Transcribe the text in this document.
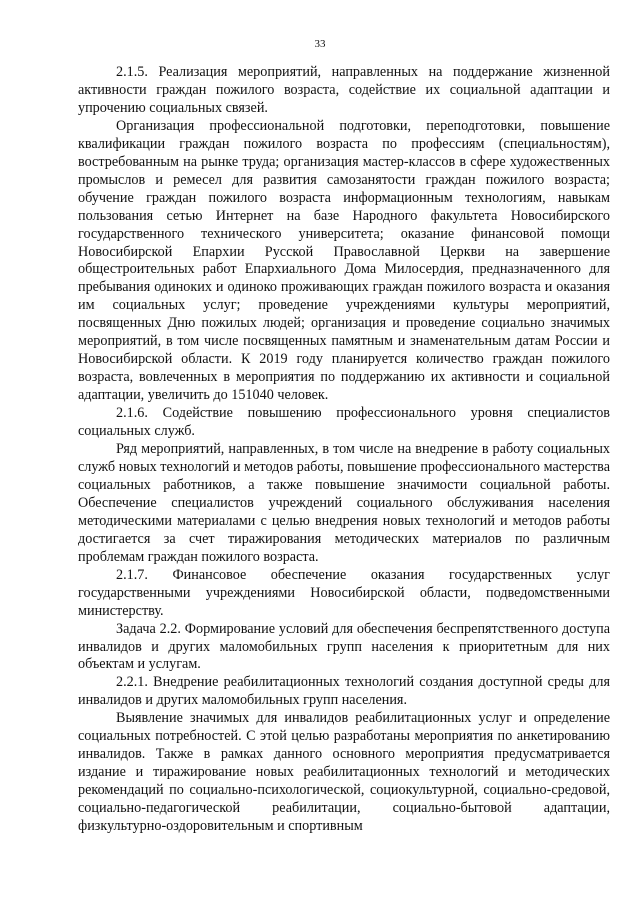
33

2.1.5. Реализация мероприятий, направленных на поддержание жизненной активности граждан пожилого возраста, содействие их социальной адаптации и упрочению социальных связей.

Организация профессиональной подготовки, переподготовки, повышение квалификации граждан пожилого возраста по профессиям (специальностям), востребованным на рынке труда; организация мастер-классов в сфере художественных промыслов и ремесел для развития самозанятости граждан пожилого возраста; обучение граждан пожилого возраста информационным технологиям, навыкам пользования сетью Интернет на базе Народного факультета Новосибирского государственного технического университета; оказание финансовой помощи Новосибирской Епархии Русской Православной Церкви на завершение общестроительных работ Епархиального Дома Милосердия, предназначенного для пребывания одиноких и одиноко проживающих граждан пожилого возраста и оказания им социальных услуг; проведение учреждениями культуры мероприятий, посвященных Дню пожилых людей; организация и проведение социально значимых мероприятий, в том числе посвященных памятным и знаменательным датам России и Новосибирской области. К 2019 году планируется количество граждан пожилого возраста, вовлеченных в мероприятия по поддержанию их активности и социальной адаптации, увеличить до 151040 человек.

2.1.6. Содействие повышению профессионального уровня специалистов социальных служб.

Ряд мероприятий, направленных, в том числе на внедрение в работу социальных служб новых технологий и методов работы, повышение профессионального мастерства социальных работников, а также повышение значимости социальной работы. Обеспечение специалистов учреждений социального обслуживания населения методическими материалами с целью внедрения новых технологий и методов работы достигается за счет тиражирования методических материалов по различным проблемам граждан пожилого возраста.

2.1.7. Финансовое обеспечение оказания государственных услуг государственными учреждениями Новосибирской области, подведомственными министерству.

Задача 2.2. Формирование условий для обеспечения беспрепятственного доступа инвалидов и других маломобильных групп населения к приоритетным для них объектам и услугам.

2.2.1. Внедрение реабилитационных технологий создания доступной среды для инвалидов и других маломобильных групп населения.

Выявление значимых для инвалидов реабилитационных услуг и определение социальных потребностей. С этой целью разработаны мероприятия по анкетированию инвалидов. Также в рамках данного основного мероприятия предусматривается издание и тиражирование новых реабилитационных технологий и методических рекомендаций по социально-психологической, социокультурной, социально-средовой, социально-педагогической реабилитации, социально-бытовой адаптации, физкультурно-оздоровительным и спортивным
